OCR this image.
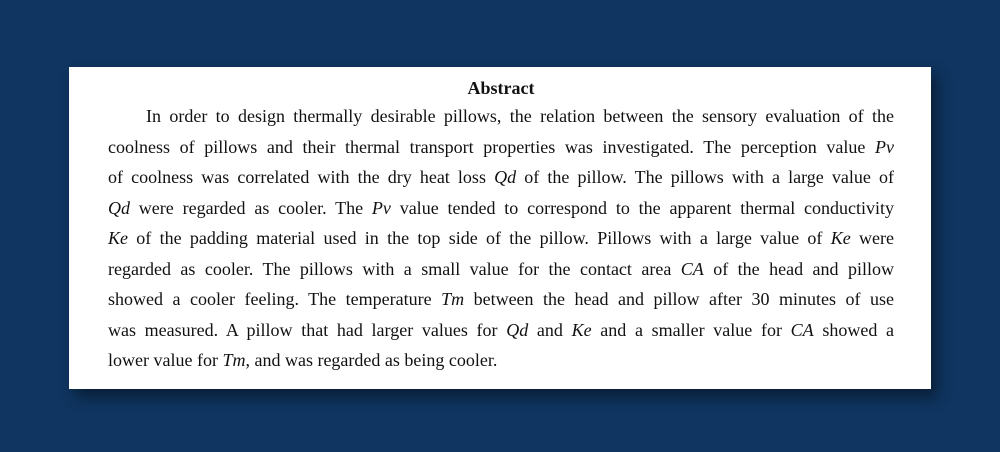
Abstract
In order to design thermally desirable pillows, the relation between the sensory evaluation of the
coolness of pillows and their thermal transport properties was investigated. The perception value Pv
of coolness was correlated with the dry heat loss Qd of the pillow. The pillows with a large value of
Qd were regarded as cooler. The Pv value tended to correspond to the apparent thermal conductivity
Ke of the padding material used in the top side of the pillow. Pillows with a large value of Ke were
regarded as cooler. The pillows with a small value for the contact area CA of the head and pillow
showed a cooler feeling. The temperature Tm between the head and pillow after 30 minutes of use
was measured. A pillow that had larger values for Qd and Ke and a smaller value for CA showed a
lower value for Tm, and was regarded as being cooler.
